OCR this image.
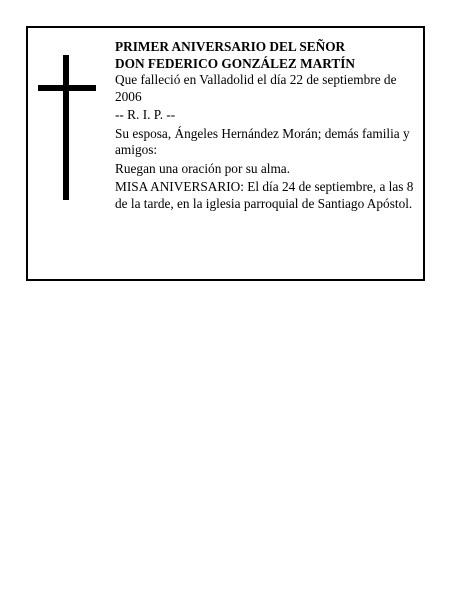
PRIMER ANIVERSARIO DEL SEÑOR
DON FEDERICO GONZÁLEZ MARTÍN

Que falleció en Valladolid el día 22 de septiembre de 2006

-- R. I. P. --

Su esposa, Ángeles Hernández Morán; demás familia y amigos:

Ruegan una oración por su alma.

MISA ANIVERSARIO: El día 24 de septiembre, a las 8 de la tarde, en la iglesia parroquial de Santiago Apóstol.
